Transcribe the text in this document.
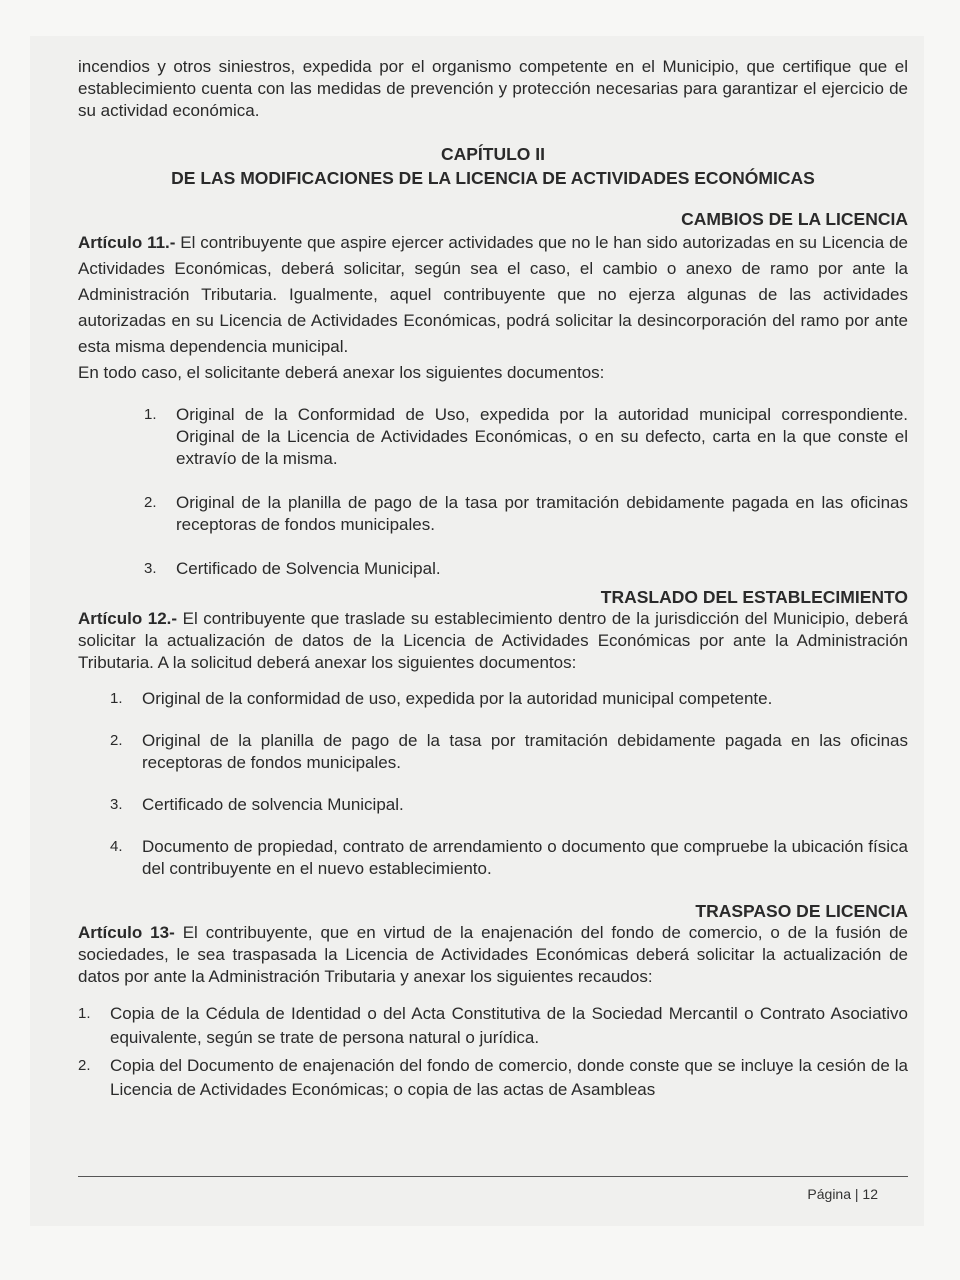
incendios y otros siniestros, expedida por el organismo competente en el Municipio, que certifique que el establecimiento cuenta con las medidas de prevención y protección necesarias para garantizar el ejercicio de su actividad económica.

CAPÍTULO II
DE LAS MODIFICACIONES DE LA LICENCIA DE ACTIVIDADES ECONÓMICAS
CAMBIOS DE LA LICENCIA

Artículo 11.- El contribuyente que aspire ejercer actividades que no le han sido autorizadas en su Licencia de Actividades Económicas, deberá solicitar, según sea el caso, el cambio o anexo de ramo por ante la Administración Tributaria. Igualmente, aquel contribuyente que no ejerza algunas de las actividades autorizadas en su Licencia de Actividades Económicas, podrá solicitar la desincorporación del ramo por ante esta misma dependencia municipal.

En todo caso, el solicitante deberá anexar los siguientes documentos:

1. Original de la Conformidad de Uso, expedida por la autoridad municipal correspondiente. Original de la Licencia de Actividades Económicas, o en su defecto, carta en la que conste el extravío de la misma.
2. Original de la planilla de pago de la tasa por tramitación debidamente pagada en las oficinas receptoras de fondos municipales.
3. Certificado de Solvencia Municipal.
TRASLADO DEL ESTABLECIMIENTO

Artículo 12.- El contribuyente que traslade su establecimiento dentro de la jurisdicción del Municipio, deberá solicitar la actualización de datos de la Licencia de Actividades Económicas por ante la Administración Tributaria. A la solicitud deberá anexar los siguientes documentos:

1. Original de la conformidad de uso, expedida por la autoridad municipal competente.
2. Original de la planilla de pago de la tasa por tramitación debidamente pagada en las oficinas receptoras de fondos municipales.
3. Certificado de solvencia Municipal.
4. Documento de propiedad, contrato de arrendamiento o documento que compruebe la ubicación física del contribuyente en el nuevo establecimiento.
TRASPASO DE LICENCIA

Artículo 13- El contribuyente, que en virtud de la enajenación del fondo de comercio, o de la fusión de sociedades, le sea traspasada la Licencia de Actividades Económicas deberá solicitar la actualización de datos por ante la Administración Tributaria y anexar los siguientes recaudos:

1. Copia de la Cédula de Identidad o del Acta Constitutiva de la Sociedad Mercantil o Contrato Asociativo equivalente, según se trate de persona natural o jurídica.
2. Copia del Documento de enajenación del fondo de comercio, donde conste que se incluye la cesión de la Licencia de Actividades Económicas; o copia de las actas de Asambleas
Página | 12
